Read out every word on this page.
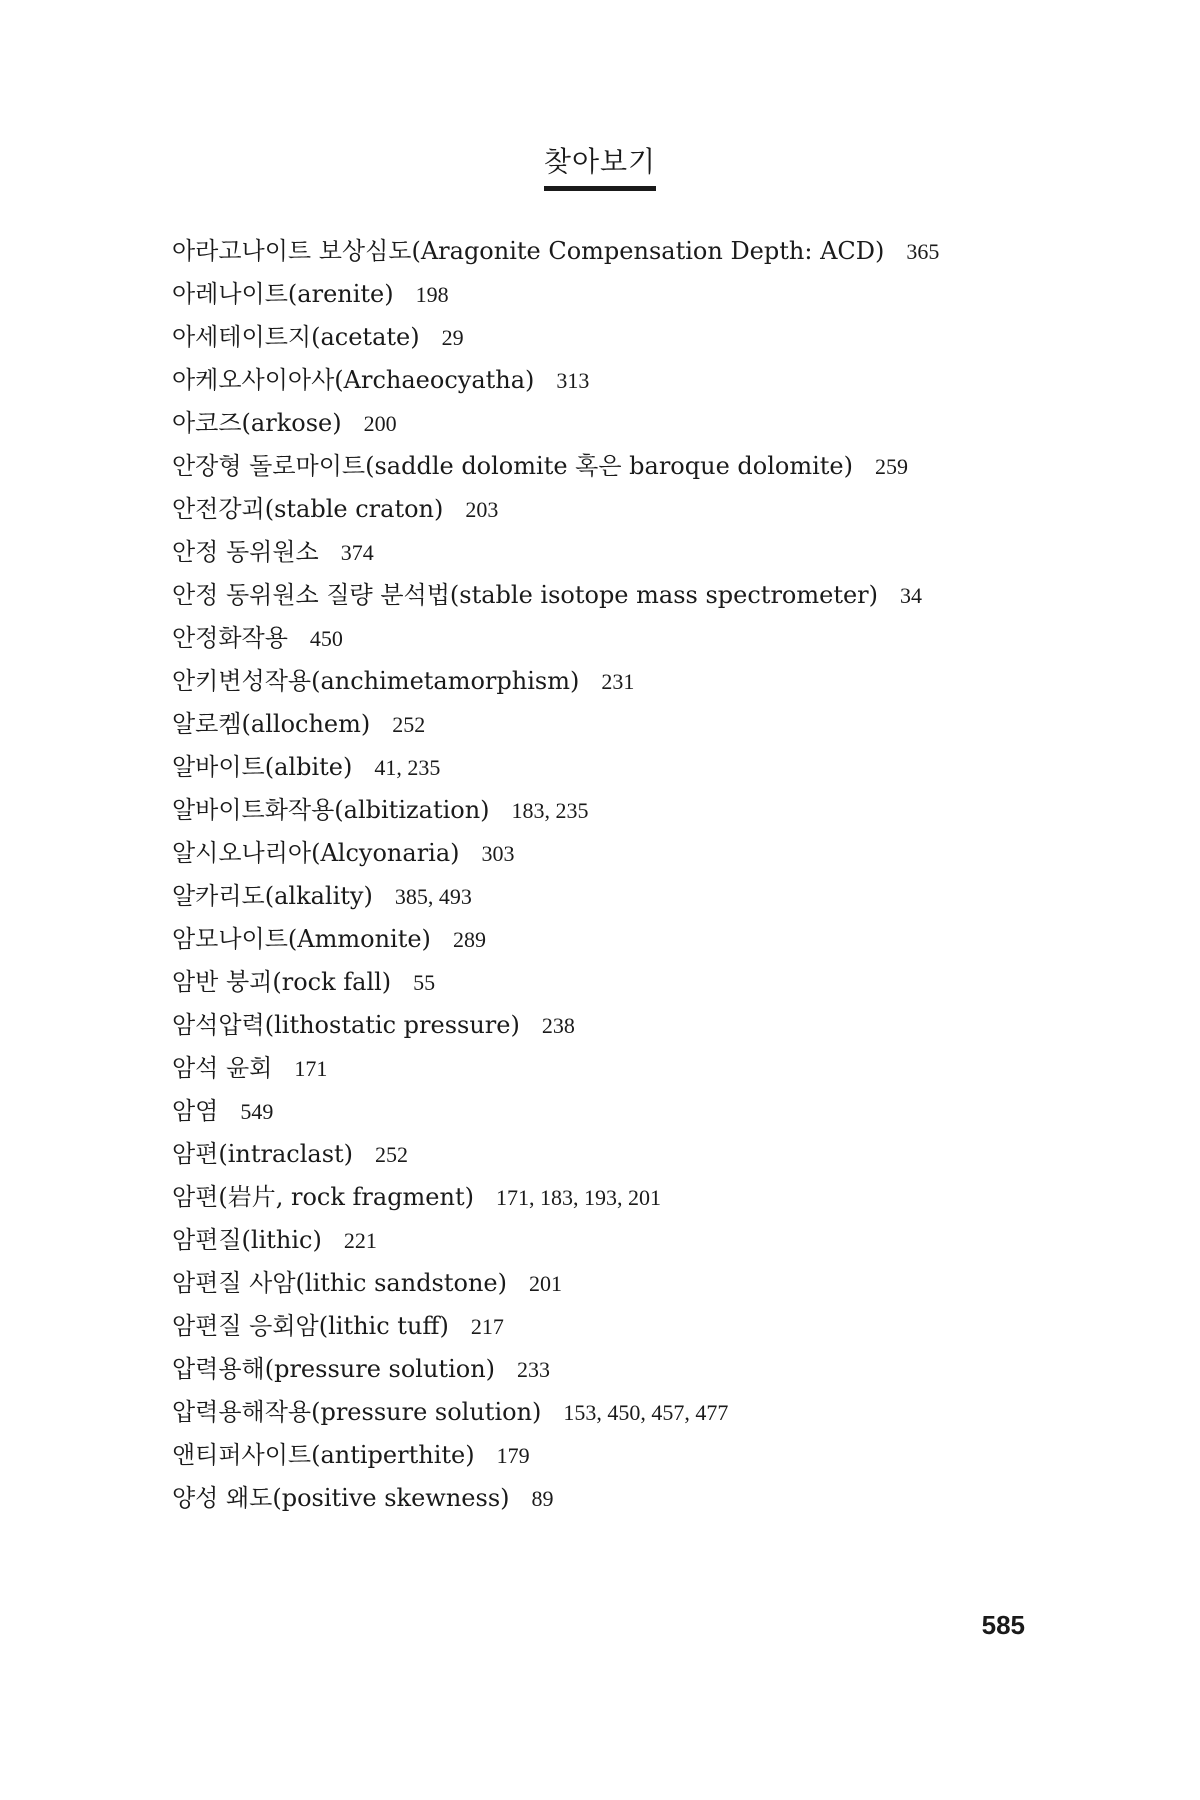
찾아보기
아라고나이트 보상심도(Aragonite Compensation Depth: ACD) 365
아레나이트(arenite) 198
아세테이트지(acetate) 29
아케오사이아사(Archaeocyatha) 313
아코즈(arkose) 200
안장형 돌로마이트(saddle dolomite 혹은 baroque dolomite) 259
안전강괴(stable craton) 203
안정 동위원소 374
안정 동위원소 질량 분석법(stable isotope mass spectrometer) 34
안정화작용 450
안키변성작용(anchimetamorphism) 231
알로켐(allochem) 252
알바이트(albite) 41, 235
알바이트화작용(albitization) 183, 235
알시오나리아(Alcyonaria) 303
알카리도(alkality) 385, 493
암모나이트(Ammonite) 289
암반 붕괴(rock fall) 55
암석압력(lithostatic pressure) 238
암석 윤회 171
암염 549
암편(intraclast) 252
암편(岩片, rock fragment) 171, 183, 193, 201
암편질(lithic) 221
암편질 사암(lithic sandstone) 201
암편질 응회암(lithic tuff) 217
압력용해(pressure solution) 233
압력용해작용(pressure solution) 153, 450, 457, 477
앤티퍼사이트(antiperthite) 179
양성 왜도(positive skewness) 89
585
